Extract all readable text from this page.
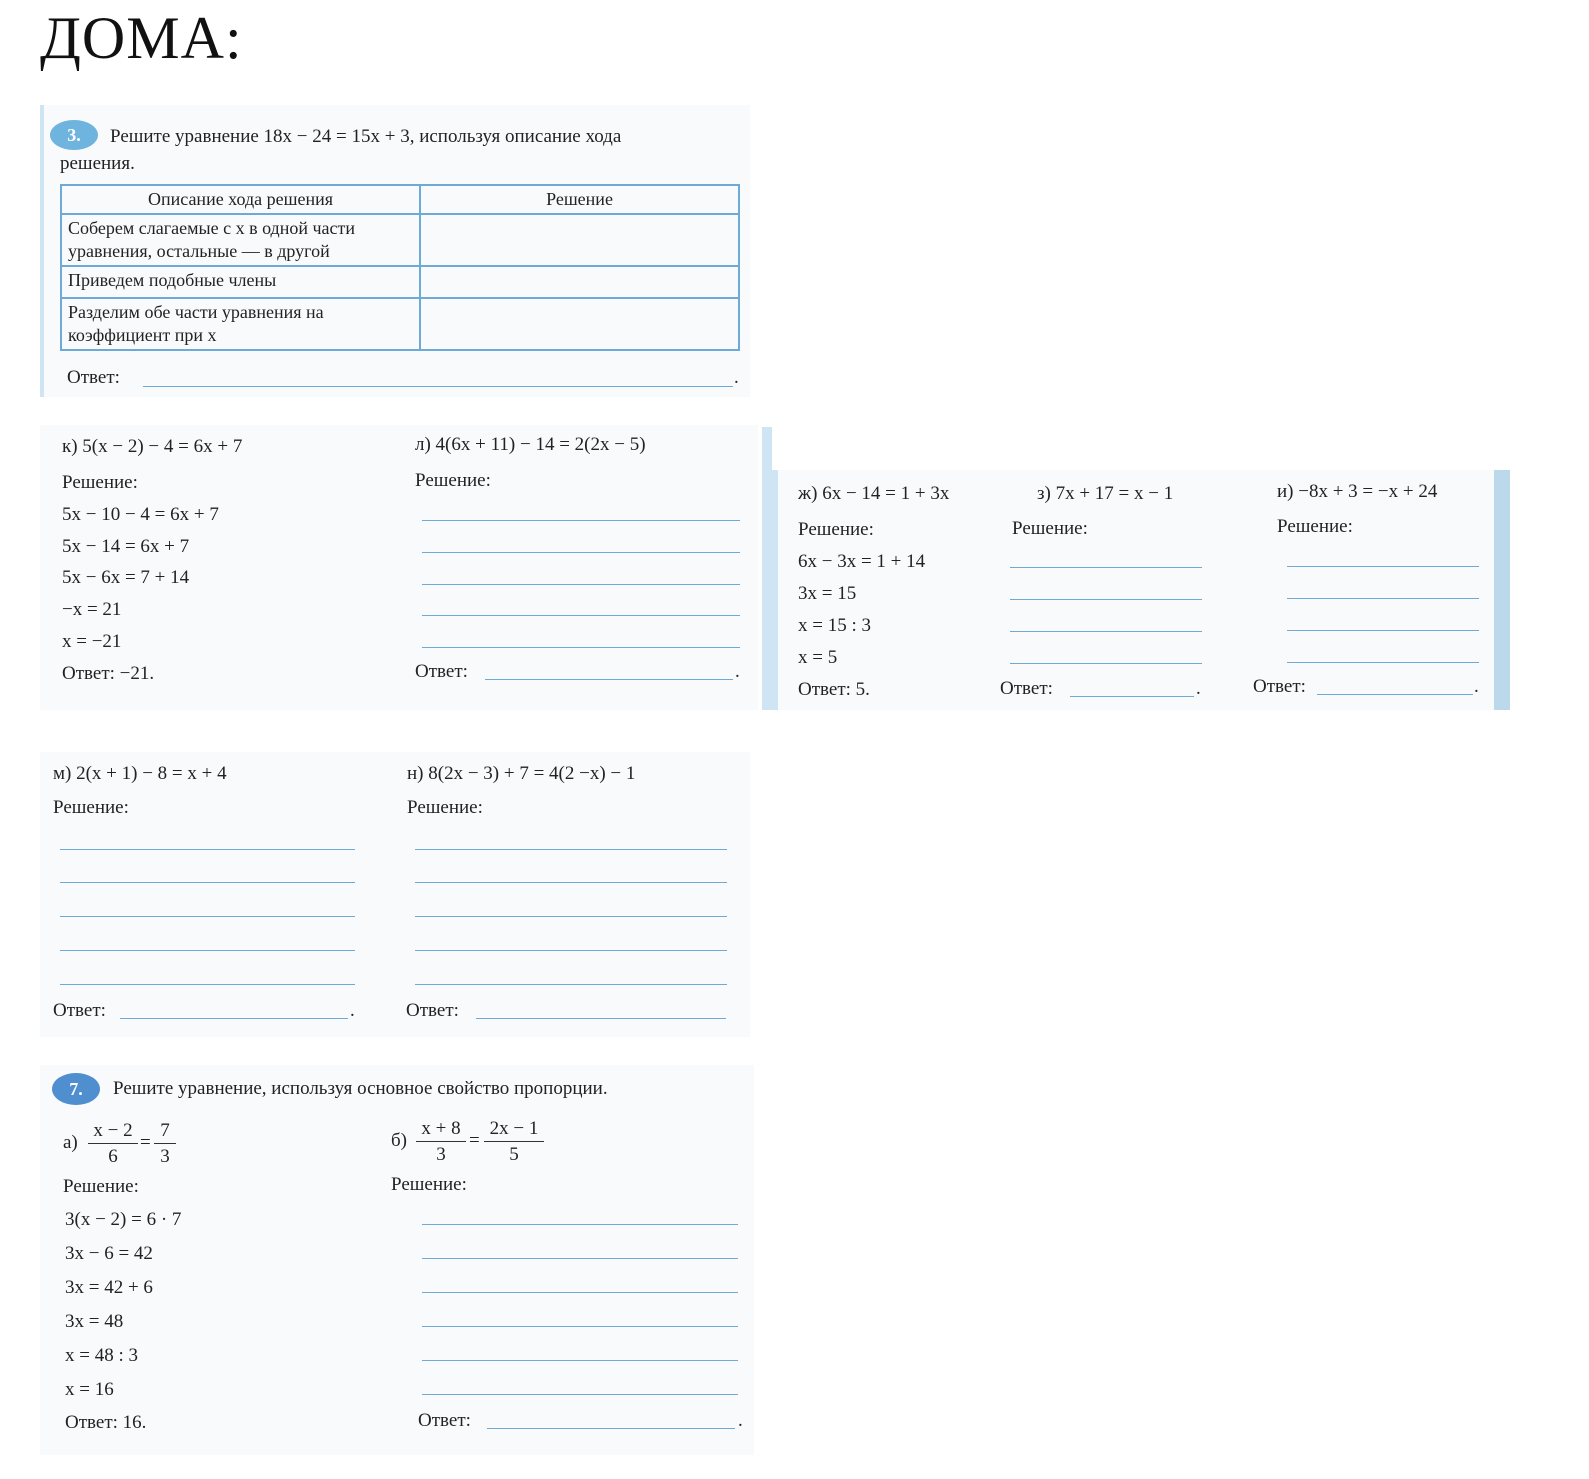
ДОМА:
3.	Решите уравнение 18x − 24 = 15x + 3, используя описание хода
решения.
Описание хода решения	Решение

Соберем слагаемые с x в одной части
уравнения, остальные — в другой	

Приведем подобные члены	

Разделим обе части уравнения на
коэффициент при x	

Ответ:	.
к) 5(x − 2) − 4 = 6x + 7
Решение:
5x − 10 − 4 = 6x + 7
5x − 14 = 6x + 7
5x − 6x = 7 + 14
−x = 21
x = −21
Ответ: −21.
л) 4(6x + 11) − 14 = 2(2x − 5)
Решение:
Ответ:	.
ж) 6x − 14 = 1 + 3x
Решение:
6x − 3x = 1 + 14
3x = 15
x = 15 : 3
x = 5
Ответ: 5.
з) 7x + 17 = x − 1
Решение:
Ответ:	.
и) −8x + 3 = −x + 24
Решение:
Ответ:	.
м) 2(x + 1) − 8 = x + 4
Решение:
Ответ:	.
н) 8(2x − 3) + 7 = 4(2 −x) − 1
Решение:
Ответ:
7.	Решите уравнение, используя основное свойство пропорции.
$а) \frac{x - 2}{6} = \frac{7}{3}$
Решение:
3(x − 2) = 6 · 7
3x − 6 = 42
3x = 42 + 6
3x = 48
x = 48 : 3
x = 16
Ответ: 16.
$б) \frac{x + 8}{3} = \frac{2x - 1}{5}$
Решение:
Ответ:	.
